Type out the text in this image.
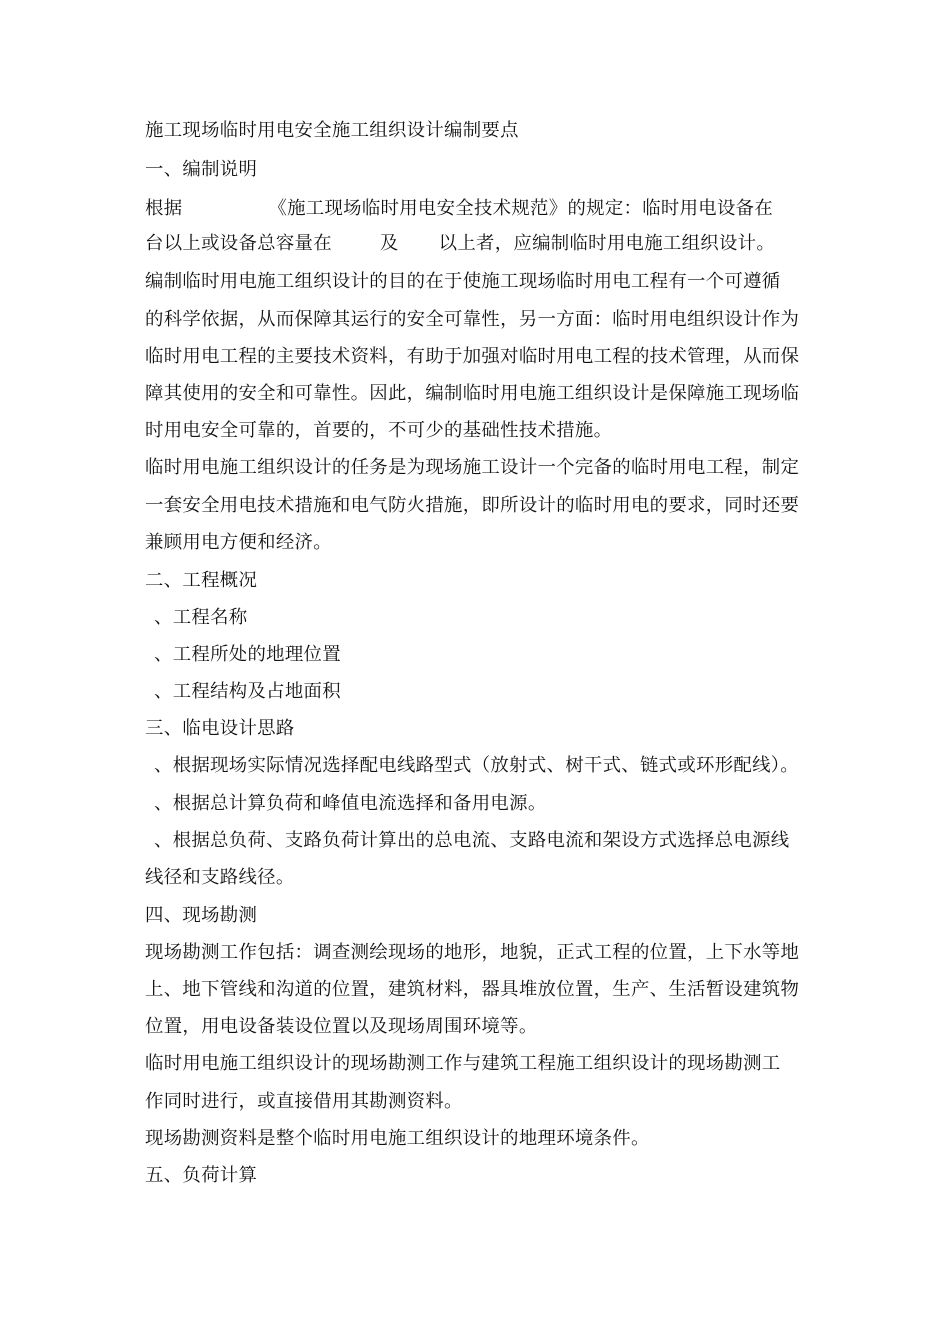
施工现场临时用电安全施工组织设计编制要点
一、编制说明
根据	《施工现场临时用电安全技术规范》的规定：临时用电设备在
台以上或设备总容量在	及 以上者，应编制临时用电施工组织设计。
编制临时用电施工组织设计的目的在于使施工现场临时用电工程有一个可遵循
的科学依据，从而保障其运行的安全可靠性，另一方面：临时用电组织设计作为
临时用电工程的主要技术资料，有助于加强对临时用电工程的技术管理，从而保
障其使用的安全和可靠性。因此，编制临时用电施工组织设计是保障施工现场临
时用电安全可靠的，首要的，不可少的基础性技术措施。
临时用电施工组织设计的任务是为现场施工设计一个完备的临时用电工程，制定
一套安全用电技术措施和电气防火措施，即所设计的临时用电的要求，同时还要
兼顾用电方便和经济。
二、工程概况
、工程名称
、工程所处的地理位置
、工程结构及占地面积
三、临电设计思路
、根据现场实际情况选择配电线路型式（放射式、树干式、链式或环形配线）。
、根据总计算负荷和峰值电流选择和备用电源。
、根据总负荷、支路负荷计算出的总电流、支路电流和架设方式选择总电源线
线径和支路线径。
四、现场勘测
现场勘测工作包括：调查测绘现场的地形，地貌，正式工程的位置，上下水等地
上、地下管线和沟道的位置，建筑材料，器具堆放位置，生产、生活暂设建筑物
位置，用电设备装设位置以及现场周围环境等。
临时用电施工组织设计的现场勘测工作与建筑工程施工组织设计的现场勘测工
作同时进行，或直接借用其勘测资料。
现场勘测资料是整个临时用电施工组织设计的地理环境条件。
五、负荷计算
